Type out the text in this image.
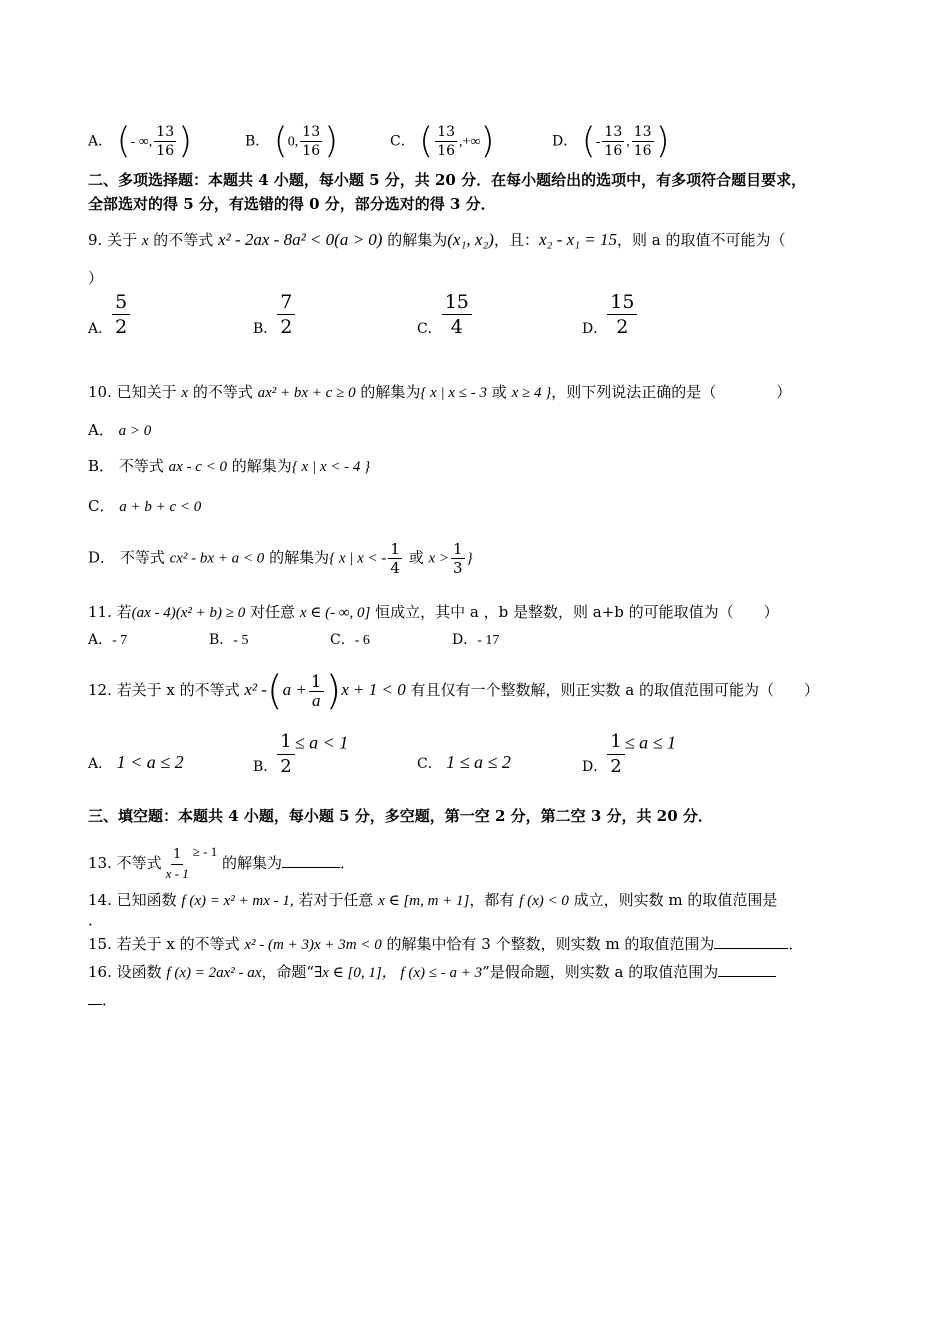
A． (- ∞, $\frac{13}{16}$ )	B． (0, $\frac{13}{16}$ )	C． ( $\frac{13}{16}$ ,+∞)	D． (- $\frac{13}{16}$ , $\frac{13}{16}$ )
二、多项选择题：本题共 4 小题，每小题 5 分，共 20 分．在每小题给出的选项中，有多项符合题目要求，
全部选对的得 5 分，有选错的得 0 分，部分选对的得 3 分．
9. 关于 x 的不等式 x² - 2ax - 8a² < 0(a > 0) 的解集为(x₁, x₂)，且：x₂ - x₁ = 15，则 a 的取值不可能为（
）
A． $\frac{5}{2}$	B． $\frac{7}{2}$	C． $\frac{15}{4}$	D． $\frac{15}{2}$
10. 已知关于 x 的不等式 ax² + bx + c ≥ 0 的解集为{ x | x ≤ - 3 或 x ≥ 4 }，则下列说法正确的是（　　　　）
A． a > 0
B． 不等式 ax - c < 0 的解集为{ x | x < - 4 }
C． a + b + c < 0
D． 不等式 cx² - bx + a < 0 的解集为{ x | x < - $\frac{1}{4}$ 或 $x > \frac{1}{3}$ }
11. 若(ax - 4)(x² + b) ≥ 0 对任意 x ∈ (- ∞, 0] 恒成立，其中 a ，b 是整数，则 a+b 的可能取值为（　　）
A．- 7	B．- 5	C．- 6	D．- 17
12. 若关于 x 的不等式 x² $-(a + \frac{1}{a} )x + 1 < 0$ 有且仅有一个整数解，则正实数 a 的取值范围可能为（　　）
A． 1 < a ≤ 2	B． $\frac{1}{2} \le a < 1$
C． 1 ≤ a ≤ 2	D． $\frac{1}{2} \le a \le 1$
三、填空题：本题共 4 小题，每小题 5 分，多空题，第一空 2 分，第二空 3 分，共 20 分．
13. 不等式 $\frac{1}{x - 1}$ ≥ - 1 的解集为	．
14. 已知函数 f (x) = x² + mx - 1, 若对于任意 x ∈ [m, m + 1]，都有 f (x) < 0 成立，则实数 m 的取值范围是
．
15. 若关于 x 的不等式 x² - (m + 3)x + 3m < 0 的解集中恰有 3 个整数，则实数 m 的取值范围为	．
16. 设函数 f (x) = 2ax² - ax，命题“∃x ∈ [0, 1]， f (x) ≤ - a + 3”是假命题，则实数 a 的取值范围为
．
